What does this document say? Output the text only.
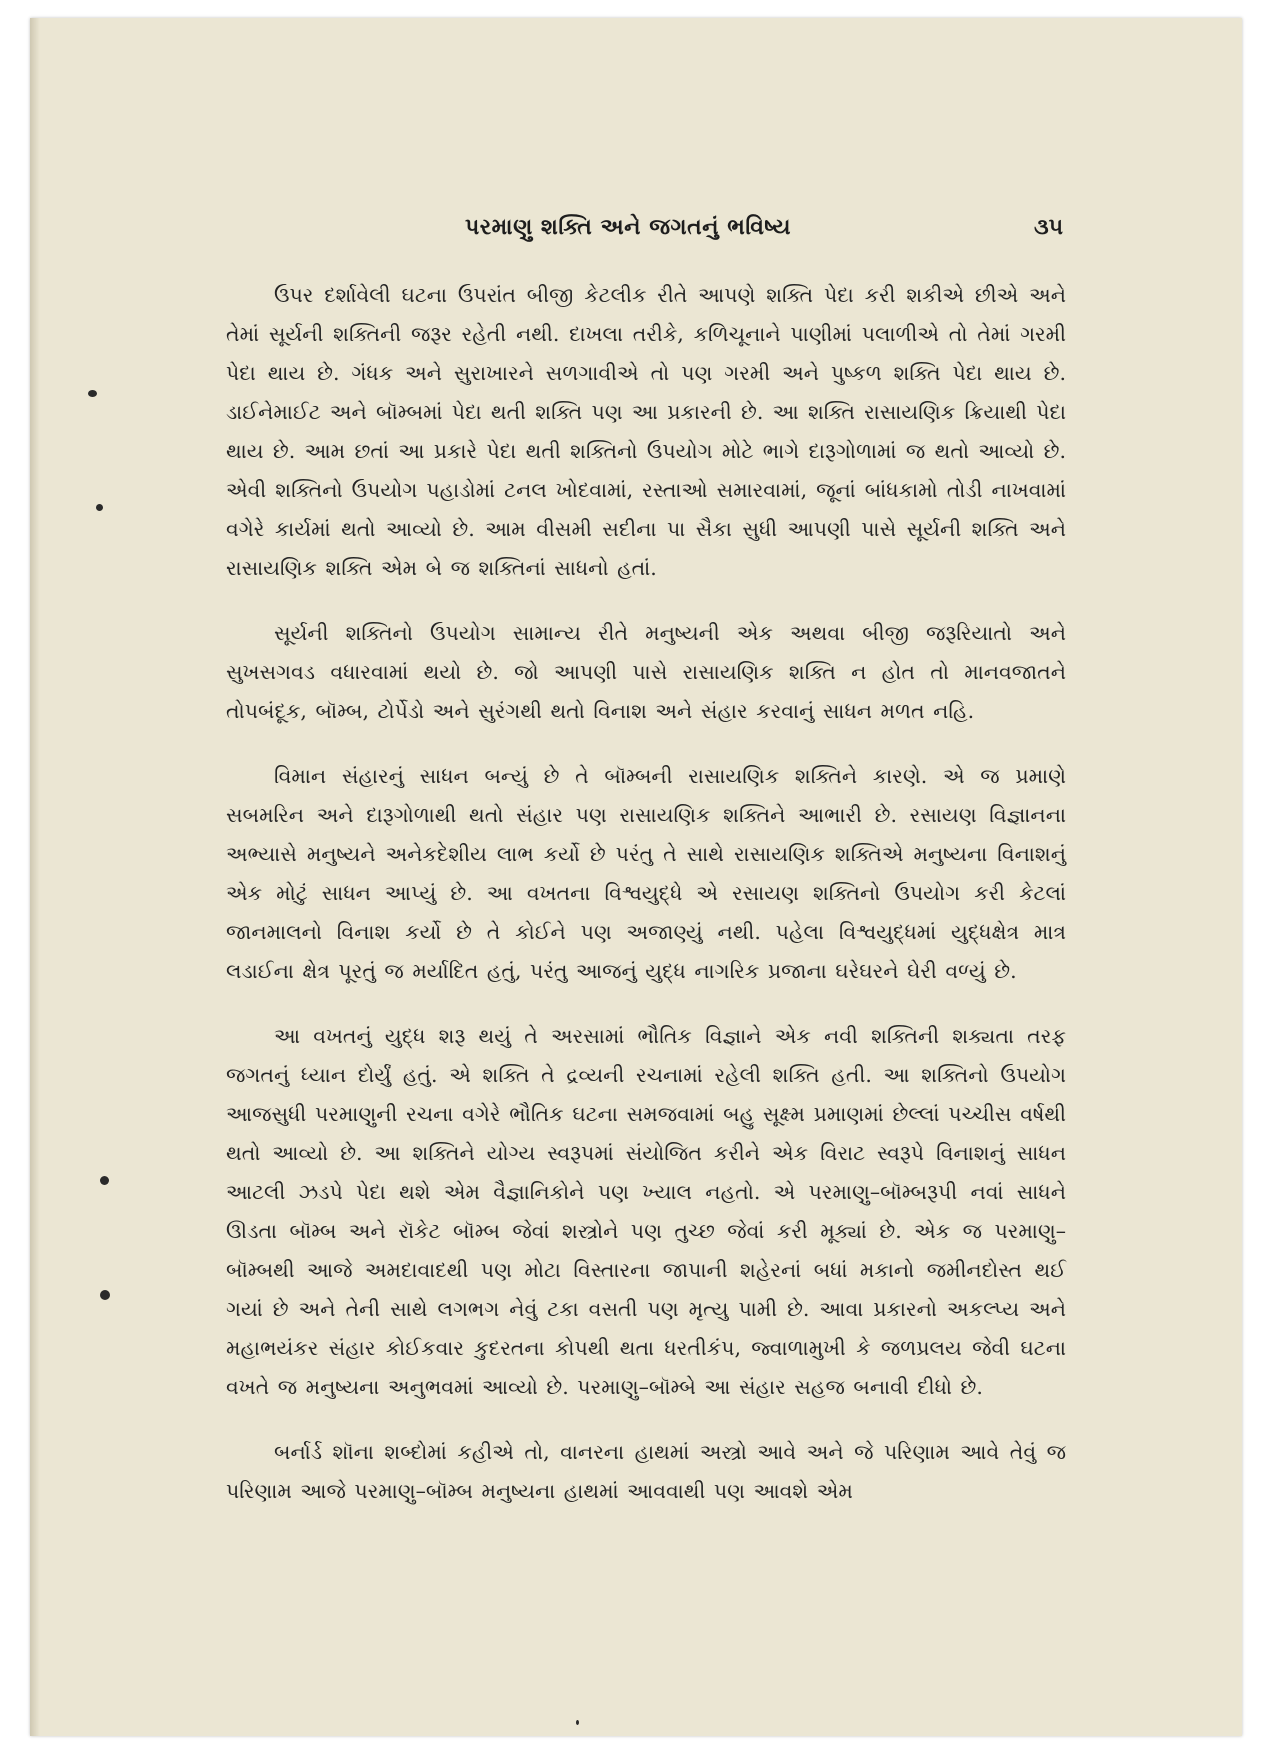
પરમાણુ શક્તિ અને જગતનું ભવિષ્ય	૩૫

ઉપર દર્શાવેલી ઘટના ઉપરાંત બીજી કેટલીક રીતે આપણે શક્તિ પેદા કરી શકીએ છીએ અને તેમાં સૂર્યની શક્તિની જરૂર રહેતી નથી. દાખલા તરીકે, કળિચૂનાને પાણીમાં પલાળીએ તો તેમાં ગરમી પેદા થાય છે. ગંધક અને સુરાખારને સળગાવીએ તો પણ ગરમી અને પુષ્કળ શક્તિ પેદા થાય છે. ડાઈનેમાઈટ અને બૉમ્બમાં પેદા થતી શક્તિ પણ આ પ્રકારની છે. આ શક્તિ રાસાયણિક ક્રિયાથી પેદા થાય છે. આમ છતાં આ પ્રકારે પેદા થતી શક્તિનો ઉપયોગ મોટે ભાગે દારૂગોળામાં જ થતો આવ્યો છે. એવી શક્તિનો ઉપયોગ પહાડોમાં ટનલ ખોદવામાં, રસ્તાઓ સમારવામાં, જૂનાં બાંધકામો તોડી નાખવામાં વગેરે કાર્યમાં થતો આવ્યો છે. આમ વીસમી સદીના પા સૈકા સુધી આપણી પાસે સૂર્યની શક્તિ અને રાસાયણિક શક્તિ એમ બે જ શક્તિનાં સાધનો હતાં.

સૂર્યની શક્તિનો ઉપયોગ સામાન્ય રીતે મનુષ્યની એક અથવા બીજી જરૂરિયાતો અને સુખસગવડ વધારવામાં થયો છે. જો આપણી પાસે રાસાયણિક શક્તિ ન હોત તો માનવજાતને તોપબંદૂક, બૉમ્બ, ટોર્પેડો અને સુરંગથી થતો વિનાશ અને સંહાર કરવાનું સાધન મળત નહિ.

વિમાન સંહારનું સાધન બન્યું છે તે બૉમ્બની રાસાયણિક શક્તિને કારણે. એ જ પ્રમાણે સબમરિન અને દારૂગોળાથી થતો સંહાર પણ રાસાયણિક શક્તિને આભારી છે. રસાયણ વિજ્ઞાનના અભ્યાસે મનુષ્યને અનેકદેશીય લાભ કર્યો છે પરંતુ તે સાથે રાસાયણિક શક્તિએ મનુષ્યના વિનાશનું એક મોટું સાધન આપ્યું છે. આ વખતના વિશ્વયુદ્ધે એ રસાયણ શક્તિનો ઉપયોગ કરી કેટલાં જાનમાલનો વિનાશ કર્યો છે તે કોઈને પણ અજાણ્યું નથી. પહેલા વિશ્વયુદ્ધમાં યુદ્ધક્ષેત્ર માત્ર લડાઈના ક્ષેત્ર પૂરતું જ મર્યાદિત હતું, પરંતુ આજનું યુદ્ધ નાગરિક પ્રજાના ઘરેઘરને ઘેરી વળ્યું છે.

આ વખતનું યુદ્ધ શરૂ થયું તે અરસામાં ભૌતિક વિજ્ઞાને એક નવી શક્તિની શક્યતા તરફ જગતનું ધ્યાન દોર્યું હતું. એ શક્તિ તે દ્રવ્યની રચનામાં રહેલી શક્તિ હતી. આ શક્તિનો ઉપયોગ આજસુધી પરમાણુની રચના વગેરે ભૌતિક ઘટના સમજવામાં બહુ સૂક્ષ્મ પ્રમાણમાં છેલ્લાં પચ્ચીસ વર્ષથી થતો આવ્યો છે. આ શક્તિને યોગ્ય સ્વરૂપમાં સંયોજિત કરીને એક વિરાટ સ્વરૂપે વિનાશનું સાધન આટલી ઝડપે પેદા થશે એમ વૈજ્ઞાનિકોને પણ ખ્યાલ નહતો. એ પરમાણુ–બૉમ્બરૂપી નવાં સાધને ઊડતા બૉમ્બ અને રૉકેટ બૉમ્બ જેવાં શસ્ત્રોને પણ તુચ્છ જેવાં કરી મૂક્યાં છે. એક જ પરમાણુ–બૉમ્બથી આજે અમદાવાદથી પણ મોટા વિસ્તારના જાપાની શહેરનાં બધાં મકાનો જમીનદોસ્ત થઈ ગયાં છે અને તેની સાથે લગભગ નેવું ટકા વસતી પણ મૃત્યુ પામી છે. આવા પ્રકારનો અકલ્પ્ય અને મહાભયંકર સંહાર કોઈકવાર કુદરતના કોપથી થતા ધરતીકંપ, જ્વાળામુખી કે જળપ્રલય જેવી ઘટના વખતે જ મનુષ્યના અનુભવમાં આવ્યો છે. પરમાણુ–બૉમ્બે આ સંહાર સહજ બનાવી દીધો છે.

બર્નાર્ડ શૉના શબ્દોમાં કહીએ તો, વાનરના હાથમાં અસ્ત્રો આવે અને જે પરિણામ આવે તેવું જ પરિણામ આજે પરમાણુ–બૉમ્બ મનુષ્યના હાથમાં આવવાથી પણ આવશે એમ
